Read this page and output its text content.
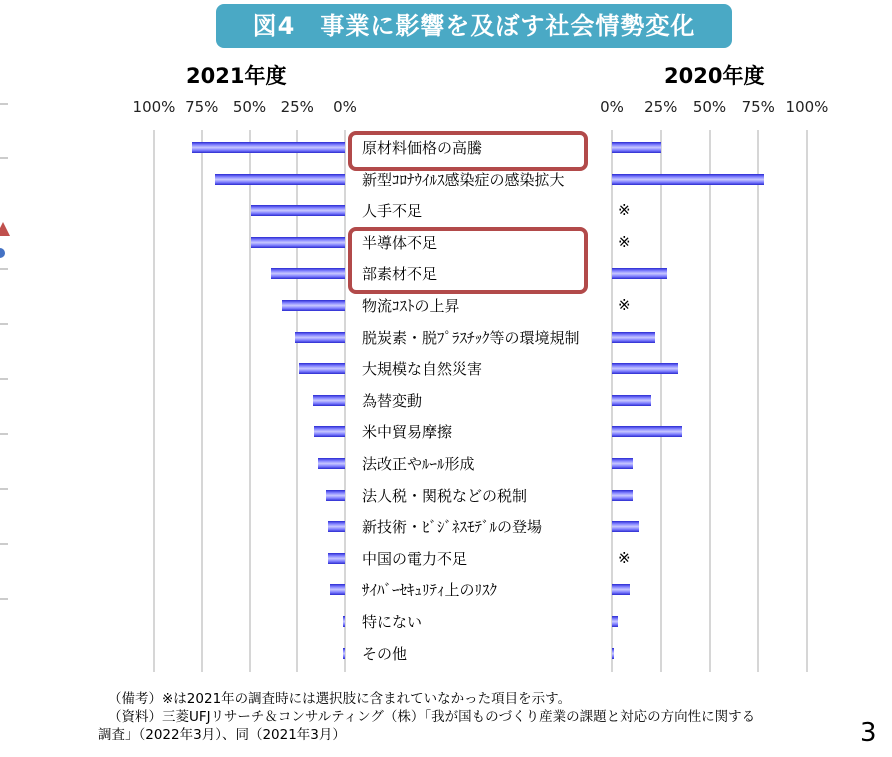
図4　事業に影響を及ぼす社会情勢変化
2021年度	2020年度
100% 75% 50% 25% 0%	0% 25% 50% 75% 100%
原材料価格の高騰
新型ｺﾛﾅｳｲﾙｽ感染症の感染拡大
人手不足	※
半導体不足	※
部素材不足
物流ｺｽﾄの上昇	※
脱炭素・脱ﾌﾟﾗｽﾁｯｸ等の環境規制
大規模な自然災害
為替変動
米中貿易摩擦
法改正やﾙｰﾙ形成
法人税・関税などの税制
新技術・ﾋﾞｼﾞﾈｽﾓﾃﾞﾙの登場
中国の電力不足	※
ｻｲﾊﾞｰｾｷｭﾘﾃｨ上のﾘｽｸ
特にない
その他
（備考）※は2021年の調査時には選択肢に含まれていなかった項目を示す。
（資料）三菱UFJリサーチ＆コンサルティング（株）「我が国ものづくり産業の課題と対応の方向性に関する
調査」（2022年3月）、同（2021年3月）	3
